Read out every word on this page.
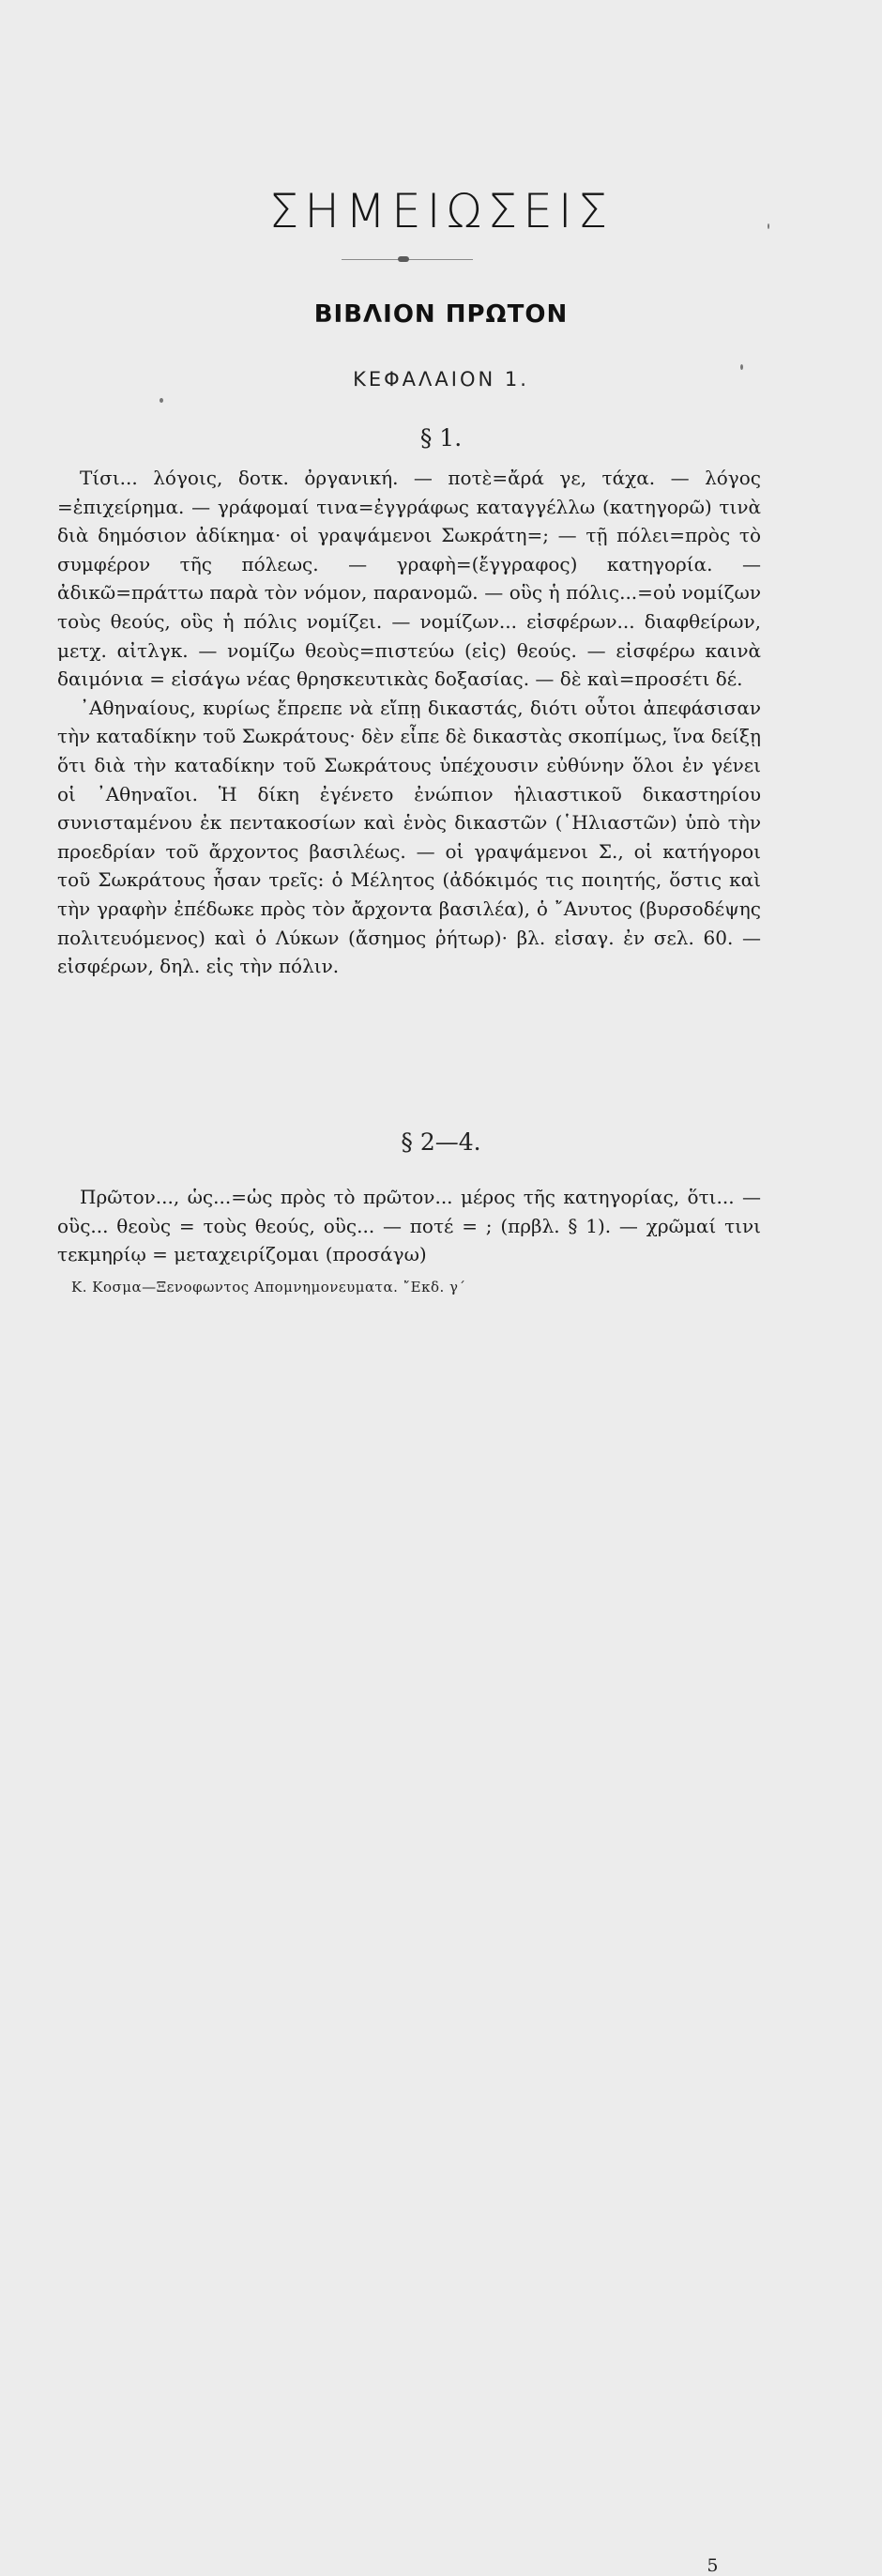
ΣΗΜΕΙΩΣΕΙΣ
ΒΙΒΛΙΟΝ ΠΡΩΤΟΝ
ΚΕΦΑΛΑΙΟΝ 1.
§ 1.

Τίσι... λόγοις, δοτκ. ὀργανική. — ποτὲ=ἄρά γε, τάχα. — λόγος =ἐπιχείρημα. — γράφομαί τινα=ἐγγράφως καταγγέλλω (κατηγορῶ) τινὰ διὰ δημόσιον ἀδίκημα· οἱ γραψάμενοι Σωκράτη=; — τῇ πόλει=πρὸς τὸ συμφέρον τῆς πόλεως. — γραφὴ=(ἔγγραφος) κατηγορία. — ἀδικῶ=πράττω παρὰ τὸν νόμον, παρανομῶ. — οὓς ἡ πόλις...=οὐ νομίζων τοὺς θεούς, οὓς ἡ πόλις νομίζει. — νομίζων... εἰσφέρων... διαφθείρων, μετχ. αἰτλγκ. — νομίζω θεοὺς=πιστεύω (εἰς) θεούς. — εἰσφέρω καινὰ δαιμόνια = εἰσάγω νέας θρησκευτικὰς δοξασίας. — δὲ καὶ=προσέτι δέ.

᾿Αθηναίους, κυρίως ἔπρεπε νὰ εἴπῃ δικαστάς, διότι οὗτοι ἀπεφάσισαν τὴν καταδίκην τοῦ Σωκράτους· δὲν εἶπε δὲ δικαστὰς σκοπίμως, ἵνα δείξῃ ὅτι διὰ τὴν καταδίκην τοῦ Σωκράτους ὑπέχουσιν εὐθύνην ὅλοι ἐν γένει οἱ ᾿Αθηναῖοι. Ἡ δίκη ἐγένετο ἐνώπιον ἡλιαστικοῦ δικαστηρίου συνισταμένου ἐκ πεντακοσίων καὶ ἑνὸς δικαστῶν (῾Ηλιαστῶν) ὑπὸ τὴν προεδρίαν τοῦ ἄρχοντος βασιλέως. — οἱ γραψάμενοι Σ., οἱ κατήγοροι τοῦ Σωκράτους ἦσαν τρεῖς: ὁ Μέλητος (ἀδόκιμός τις ποιητής, ὅστις καὶ τὴν γραφὴν ἐπέδωκε πρὸς τὸν ἄρχοντα βασιλέα), ὁ ῎Ανυτος (βυρσοδέψης πολιτευόμενος) καὶ ὁ Λύκων (ἄσημος ῥήτωρ)· βλ. εἰσαγ. ἐν σελ. 60. — εἰσφέρων, δηλ. εἰς τὴν πόλιν.

§ 2—4.

Πρῶτον..., ὡς...=ὡς πρὸς τὸ πρῶτον... μέρος τῆς κατηγορίας, ὅτι... — οὓς... θεοὺς = τοὺς θεούς, οὓς... — ποτέ = ; (πρβλ. § 1). — χρῶμαί τινι τεκμηρίῳ = μεταχειρίζομαι (προσάγω)

Κ. Κοσμα—Ξενοφωντος Απομνημονευματα. ῎Εκδ. γ´
5
